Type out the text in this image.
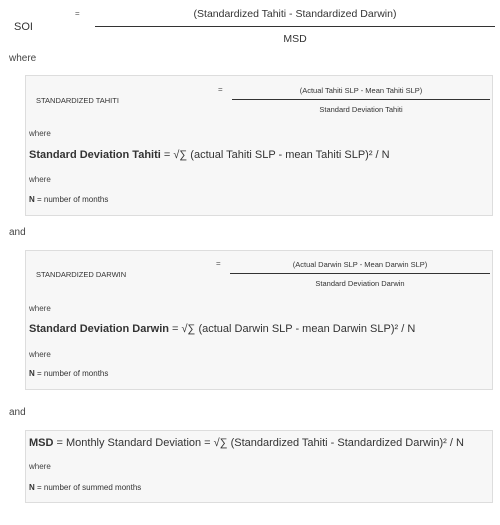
SOI
=	(Standardized Tahiti - Standardized Darwin)
MSD
where
STANDARDIZED TAHITI
=	(Actual Tahiti SLP - Mean Tahiti SLP)
Standard Deviation Tahiti
where
Standard Deviation Tahiti = √∑ (actual Tahiti SLP - mean Tahiti SLP)² / N
where
N = number of months
and
STANDARDIZED DARWIN
=	(Actual Darwin SLP - Mean Darwin SLP)
Standard Deviation Darwin
where
Standard Deviation Darwin = √∑ (actual Darwin SLP - mean Darwin SLP)² / N
where
N = number of months
and
MSD = Monthly Standard Deviation = √∑ (Standardized Tahiti - Standardized Darwin)² / N
where
N = number of summed months
